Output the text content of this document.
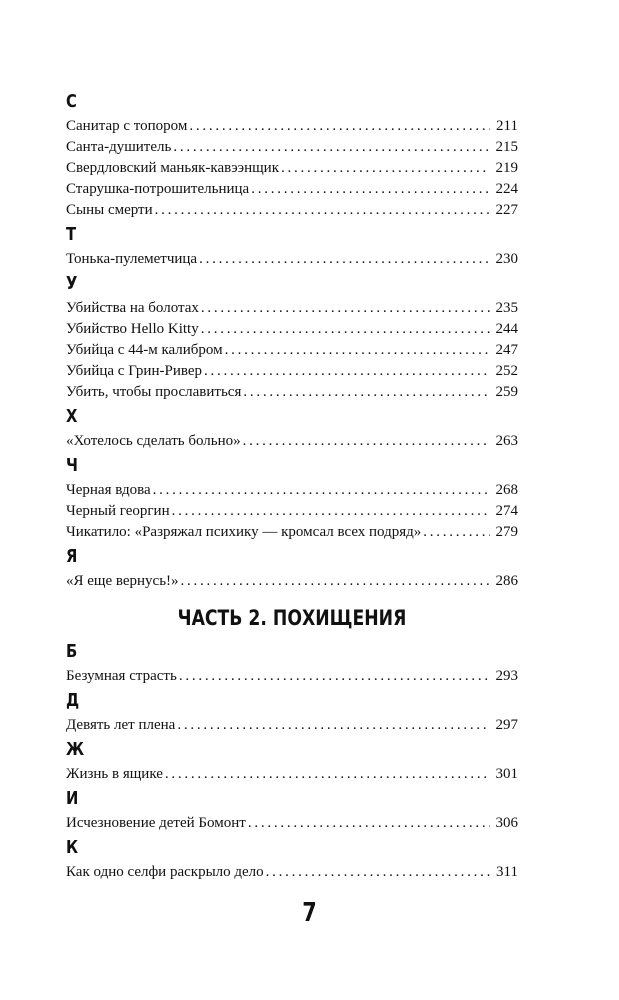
С
Санитар с топором . . .	211
Санта-душитель . . .	215
Свердловский маньяк-кавээнщик . . .	219
Старушка-потрошительница . . .	224
Сыны смерти . . .	227
Т
Тонька-пулеметчица . . .	230
У
Убийства на болотах . . .	235
Убийство Hello Kitty . . .	244
Убийца с 44-м калибром . . .	247
Убийца с Грин-Ривер . . .	252
Убить, чтобы прославиться . . .	259
Х
«Хотелось сделать больно» . . .	263
Ч
Черная вдова . . .	268
Черный георгин . . .	274
Чикатило: «Разряжал психику — кромсал всех подряд» . . .	279
Я
«Я еще вернусь!» . . .	286
ЧАСТЬ 2. ПОХИЩЕНИЯ
Б
Безумная страсть . . .	293
Д
Девять лет плена . . .	297
Ж
Жизнь в ящике . . .	301
И
Исчезновение детей Бомонт . . .	306
К
Как одно селфи раскрыло дело . . .	311
7
